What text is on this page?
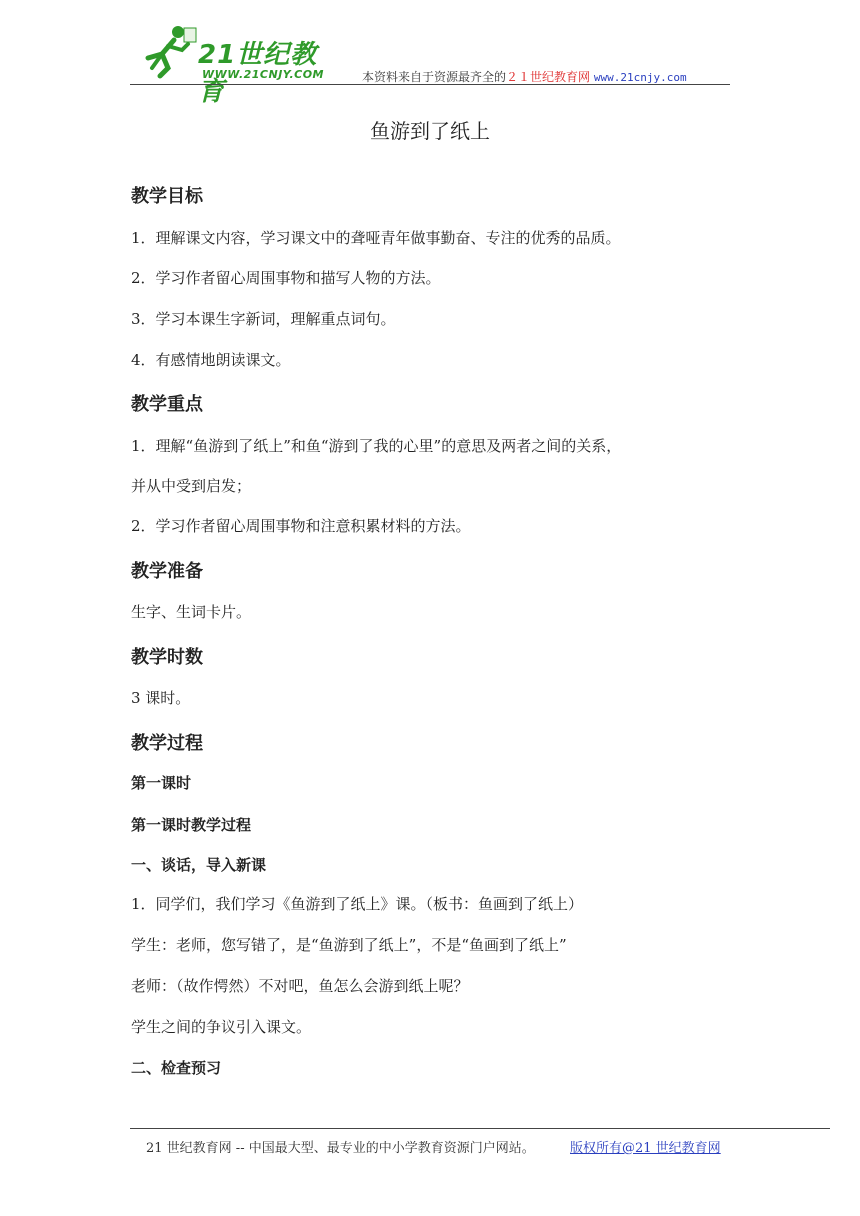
21世纪教育
WWW.21CNJY.COM	本资料来自于资源最齐全的２１世纪教育网 www.21cnjy.com
鱼游到了纸上
教学目标
1．理解课文内容，学习课文中的聋哑青年做事勤奋、专注的优秀的品质。
2．学习作者留心周围事物和描写人物的方法。
3．学习本课生字新词，理解重点词句。
4．有感情地朗读课文。
教学重点
1．理解“鱼游到了纸上”和鱼“游到了我的心里”的意思及两者之间的关系，
并从中受到启发；
2．学习作者留心周围事物和注意积累材料的方法。
教学准备
生字、生词卡片。
教学时数
3 课时。
教学过程
第一课时
第一课时教学过程
一、谈话，导入新课
1．同学们，我们学习《鱼游到了纸上》课。（板书：鱼画到了纸上）
学生：老师，您写错了，是“鱼游到了纸上”，不是“鱼画到了纸上”
老师：（故作愕然）不对吧，鱼怎么会游到纸上呢？
学生之间的争议引入课文。
二、检查预习
21 世纪教育网 -- 中国最大型、最专业的中小学教育资源门户网站。	版权所有@21 世纪教育网
